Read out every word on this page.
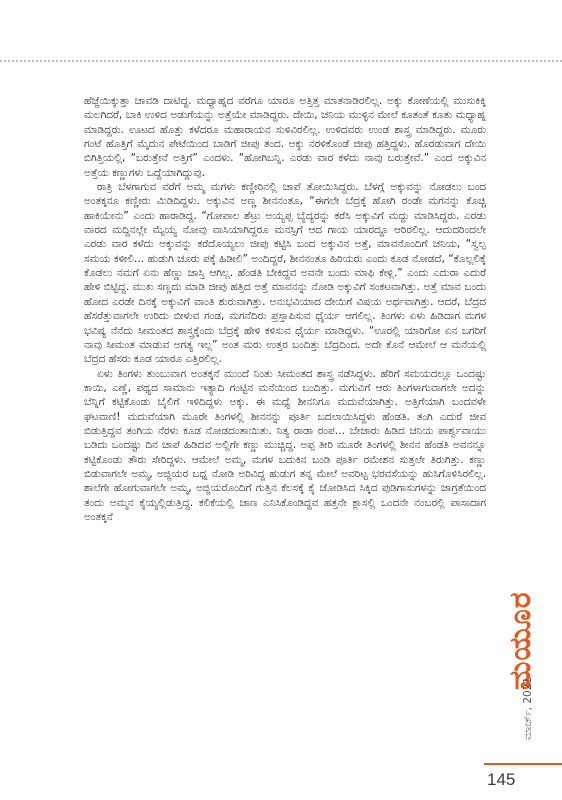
ಹೆಜ್ಜೆಯಿಕ್ಕುತ್ತಾ ಚಾವಡಿ ದಾಟಿದ್ದ. ಮಧ್ಯಾಹ್ನದ ವರೆಗೂ ಯಾರೂ ಅತ್ತಿತ್ತ ಮಾತನಾಡಿರಲಿಲ್ಲ. ಅಕ್ಕು ಕೋಣೆಯಲ್ಲಿ ಮುಸುಕಿಕ್ಕಿ ಮಲಗಿದರೆ, ಬಾಕಿ ಉಳಿದ ಅಡುಗೆಯನ್ನು ಅತ್ತೆಯೇ ಮಾಡಿದ್ದರು. ದೇಯಿ, ಚನಿಯ ಮುಳ್ಳಿನ ಮೇಲೆ ಕೂತಂತೆ ಕೂತು ಮಧ್ಯಾಹ್ನ ಮಾಡಿದ್ದರು. ಊಟದ ಹೊತ್ತು ಕಳೆದರೂ ಮಹಾರಾಯನ ಸುಳಿವಿರಲಿಲ್ಲ. ಉಳಿದವರು ಉಂಡ ಶಾಸ್ತ್ರ ಮಾಡಿದ್ದರು. ಮೂರು ಗಂಟೆ ಹೊತ್ತಿಗೆ ಮೈದುನ ಪೇಟೆಯಿಂದ ಬಾಡಿಗೆ ಜೀಪು ತಂದ. ಅಕ್ಕು ನರಳಿಕೊಂಡೆ ಜೀಪು ಹತ್ತಿದ್ದಳು. ಹೊರಡುವಾಗ ದೇಯಿ ಬಿಗಿತ್ತಿಯಲ್ಲಿ, “ಬರುತ್ತೇನೆ ಅತ್ತಿಗೆ” ಎಂದಳು. “ಹೋಗಿಬನ್ನಿ. ಎರಡು ವಾರ ಕಳೆದು ನಾವು ಬರುತ್ತೇವೆ.” ಎಂದ ಅಕ್ಕುವಿನ ಅತ್ತೆಯ ಕಣ್ಣುಗಳು ಒದ್ದೆಯಾಗಿದ್ದುವು.

ರಾತ್ರಿ ಬೆಳಗಾಗುವ ವರೆಗೆ ಅಮ್ಮ ಮಗಳು ಕಣ್ಣೀರಿನಲ್ಲಿ ಚಾಪೆ ತೋಯಿಸಿದ್ದರು. ಬೆಳಗ್ಗೆ ಅಕ್ಕುವನ್ನು ನೋಡಲು ಬಂದ ಅಂತಕ್ಕನೂ ಕಣ್ಣೀರು ಮಿಡಿದಿದ್ದಳು. ಅಕ್ಕುವಿನ ಅಣ್ಣ ಶೀನನಂತೂ, “ಈಗಲೇ ಬೆದ್ರಕ್ಕೆ ಹೋಗಿ ರಂಡೇ ಮಗನನ್ನು ಕೊಚ್ಚಿ ಹಾಕಿಯೇನು” ಎಂದು ಹಾರಾಡಿದ್ದ. “ಗೋಪಾಲ ಶೆಟ್ರು ಅಯ್ಯಪ್ಪ ಬ್ಯೆದ್ಯರನ್ನು ಕರೆಸಿ ಅಕ್ಕುವಿಗೆ ಮದ್ದು ಮಾಡಿಸಿದ್ದರು. ಎರಡು ವಾರದ ಮದ್ದಿನಲ್ಲೇ ಮ್ಯೆಯ್ಯ ನೋವು ವಾಸಿಯಾಗಿದ್ದರೂ ಮನಸ್ಸಿಗೆ ಆದ ಗಾಯ ಯಾರದ್ದೂ ಆರಿರಲಿಲ್ಲ. ಆದುದರಿಂದಲೇ ಎರಡು ವಾರ ಕಳೆದು ಅಕ್ಕುವನ್ನು ಕರೆದೊಯ್ಯಲು ಜೀಪು ಕಟ್ಟಿಸಿ ಬಂದ ಅಕ್ಕುವಿನ ಅತ್ತೆ, ಮಾವನೊಂದಿಗೆ ಚನಿಯ, “ಸ್ವಲ್ಪ ಸಮಯ ಕಳೀಲಿ… ಹುಡುಗಿ ಚೂರು ಪಕ್ಕೆ ಹಿಡೀಲಿ” ಅಂದಿದ್ದರೆ, ಶೀನನಂತೂ ಹಿರಿಯರು ಎಂದು ಕೂಡ ನೋಡದೆ, “ಕೊಲ್ಲಲಿಕ್ಕೆ ಕೊಡಲು ನಮಗೆ ಏನು ಹೆಣ್ಣು ಜಾಸ್ತಿ ಆಗಿಲ್ಲ. ಹೆಂಡತಿ ಬೇಕಿದ್ದವ ಅವನೇ ಬಂದು ಮಾಫಿ ಕೇಳ್ಲಿ.” ಎಂದು ಎದುರಾ ಎದುರೆ ಹೇಳಿ ಬಿಟ್ಟಿದ್ದ. ಮುಖ ಸಣ್ಣದು ಮಾಡಿ ಜೀಪು ಹತ್ತಿದ ಅತ್ತೆ ಮಾವನನ್ನು ನೋಡಿ ಅಕ್ಕುವಿಗೆ ಸಂಕಟವಾಗಿತ್ತು. ಅತ್ತೆ ಮಾವ ಬಂದು ಹೋದ ಎರಡೇ ದಿನಕ್ಕೆ ಅಕ್ಕುವಿಗೆ ವಾಂತಿ ಶುರುವಾಗಿತ್ತು. ಅನುಭವಿಯಾದ ದೇಯಿಗೆ ವಿಷಯ ಅರ್ಥವಾಗಿತ್ತು. ಆದರೆ, ಬೆದ್ರದ ಹೆಸರೆತ್ತುವಾಗಲೇ ಉರಿದು ಬೀಳುವ ಗಂಡ, ಮಗನೆದಿರು ಪ್ರಸ್ತಾಪಿಸುವ ಧೈರ್ಯ ಆಗಲಿಲ್ಲ. ತಿಂಗಳು ಏಳು ಹಿಡಿದಾಗ ಮಗಳ ಭವಿಷ್ಯ ನೆನೆದು ಸೀಮಂತದ ಶಾಸ್ತ್ರಕ್ಕೆಂದು ಬೆದ್ರಕ್ಕೆ ಹೇಳಿ ಕಳಿಸುವ ಧೈರ್ಯ ಮಾಡಿದ್ದಳು. “ಊರಲ್ಲಿ ಯಾರಿಗೋ ಏನ ಬಗರಿಗೆ ನಾವು ಸೀಮಂತ ಮಾಡುವ ಅಗತ್ಯ ಇಲ್ಲ” ಅಂತ ಮರು ಉತ್ತರ ಬಂದಿತ್ತು ಬೆದ್ರದಿಂದ. ಅದೇ ಕೊನೆ ಆಮೇಲೆ ಆ ಮನೆಯಲ್ಲಿ ಬೆದ್ರದ ಹೆಸರು ಕೂಡ ಯಾರೂ ಎತ್ತಿರಲಿಲ್ಲ.

ಏಳು ತಿಂಗಳು ತುಂಬುವಾಗ ಅಂತಕ್ಕನೆ ಮುಂದೆ ನಿಂತು ಸೀಮಂತದ ಶಾಸ್ತ್ರ ನಡೆಸಿದ್ದಳು. ಹೆರಿಗೆ ಸಮಯದಲ್ಲೂ ಒಂದಷ್ಟು ಕಾಯಿ, ಎಣ್ಣೆ, ಪಥ್ಯದ ಸಾಮಾನು ಇತ್ಯಾದಿ ಗಂಟ್ಟಿನ ಮನೆಯಿಂದ ಬಂದಿತ್ತು. ಮಗುವಿಗೆ ಆರು ತಿಂಗಳಾಗುವಾಗಲೇ ಅದನ್ನು ಬೆನ್ನಿಗೆ ಕಟ್ಟಿಕೊಂಡು ಬೈಲಿಗೆ ಇಳಿದಿದ್ದಳು ಅಕ್ಕು. ಈ ಮಧ್ಯೆ ಶೀನನಿಗೂ ಮದುವೆಯಾಗಿತ್ತು. ಅತ್ತಿಗೆಯಾಗಿ ಬಂದವಳೇ ಘಟವಾಣಿ! ಮದುವೆಯಾಗಿ ಮೂರೇ ತಿಂಗಳಲ್ಲಿ ಶೀನನನ್ನು ಪೂರ್ತಿ ಬದಲಾಯಿಸಿದ್ದಳು ಹೆಂಡತಿ. ತಂಗಿ ಎದುರೆ ಜೀವ ಬಿಡುತ್ತಿದ್ದವ ತಂಗಿಯ ನೆರಳು ಕೂಡ ನೋಡದಂತಾಯಿತು. ನಿತ್ಯ ರಾಡಾ ರಂಪ… ಬೇಜಾರು ಹಿಡಿದ ಚನಿಯ ಪಾರ್ಶ್ವವಾಯು ಬಡಿದು ಒಂದಷ್ಟು ದಿನ ಚಾಪೆ ಹಿಡಿದವ ಅಲ್ಲಿಗೇ ಕಣ್ಣು ಮುಚ್ಚಿದ್ದ. ಅಪ್ಪ ತೀರಿ ಮೂರೇ ತಿಂಗಳಲ್ಲಿ ಶೀನನ ಹೆಂಡತಿ ಅವನನ್ನೂ ಕಟ್ಟಿಕೊಂಡು ತೌರು ಸೇರಿದ್ದಳು. ಆಮೇಲೆ ಅಮ್ಮ, ಮಗಳ ಬದುಕಿನ ಬಂಡಿ ಪೂರ್ತಿ ರಮೇಶನ ಸುತ್ತಲೇ ತಿರುಗಿತ್ತು. ಕಣ್ಣು ಬಿಡುವಾಗಲೇ ಅಮ್ಮ, ಅಜ್ಜಿಯರ ಬಧ್ನ ನೋಡಿ ಅರಿವಿದ್ದ ಹುಡುಗ ತನ್ನ ಮೇಲೆ ಅವರಿಟ್ಟ ಭರವಸೆಯನ್ನು ಹುಸಿಗೊಳಿಸಿರಲಿಲ್ಲ. ಶಾಲೆಗೇ ಹೋಗುವಾಗಲೇ ಅಮ್ಮ, ಅಜ್ಜಿಯರೊಂದಿಗೆ ಗುತ್ತಿನ ಕೆಲಸಕ್ಕೆ ಕೈ ಜೋಡಿಸಿದ ಸಿಕ್ಕಿದ ಪುಡಿಗಾಸುಗಳನ್ನು ಜಾಗ್ರತೆಯಿಂದ ತಂದು ಅಮ್ಮನ ಕೈಯ್ಯಲ್ಲಿಡುತ್ತಿದ್ದ. ಕಲಿಕೆಯಲ್ಲಿ ಜಾಣ ಎನಿಸಿಕೊಂಡಿದ್ದವ ಹತ್ತನೇ ಕ್ಲಾಸಲ್ಲಿ ಒಂದನೇ ನಂಬರಲ್ಲಿ ಪಾಸಾದಾಗ ಅಂತಕ್ಕನೆ

ಮಯೂರ
ಮಾರ್ಚ್, 2021
145
